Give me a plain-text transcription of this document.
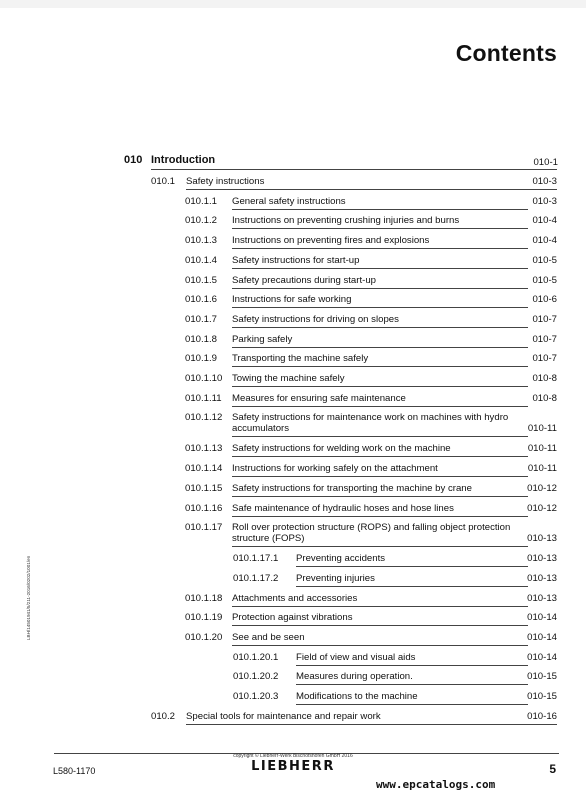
Contents
010 Introduction	010-1
010.1 Safety instructions	010-3
010.1.1 General safety instructions	010-3
010.1.2 Instructions on preventing crushing injuries and burns	010-4
010.1.3 Instructions on preventing fires and explosions	010-4
010.1.4 Safety instructions for start-up	010-5
010.1.5 Safety precautions during start-up	010-5
010.1.6 Instructions for safe working	010-6
010.1.7 Safety instructions for driving on slopes	010-7
010.1.8 Parking safely	010-7
010.1.9 Transporting the machine safely	010-7
010.1.10 Towing the machine safely	010-8
010.1.11 Measures for ensuring safe maintenance	010-8
010.1.12 Safety instructions for maintenance work on machines with hydro
accumulators	010-11
010.1.13 Safety instructions for welding work on the machine	010-11
010.1.14 Instructions for working safely on the attachment	010-11
010.1.15 Safety instructions for transporting the machine by crane	010-12
010.1.16 Safe maintenance of hydraulic hoses and hose lines	010-12
010.1.17 Roll over protection structure (ROPS) and falling object protection
structure (FOPS)	010-13
010.1.17.1 Preventing accidents	010-13
010.1.17.2 Preventing injuries	010-13
010.1.18 Attachments and accessories	010-13
010.1.19 Protection against vibrations	010-14
010.1.20 See and be seen	010-14
010.1.20.1 Field of view and visual aids	010-14
010.1.20.2 Measures during operation.	010-15
010.1.20.3 Modifications to the machine	010-15
010.2 Special tools for maintenance and repair work	010-16
LBH/14501941/5/211-2016/0202/1001/en
copyright © Liebherr-Werk Bischofshofen GmbH 2016
L580-1170	LIEBHERR	5
www.epcatalogs.com
